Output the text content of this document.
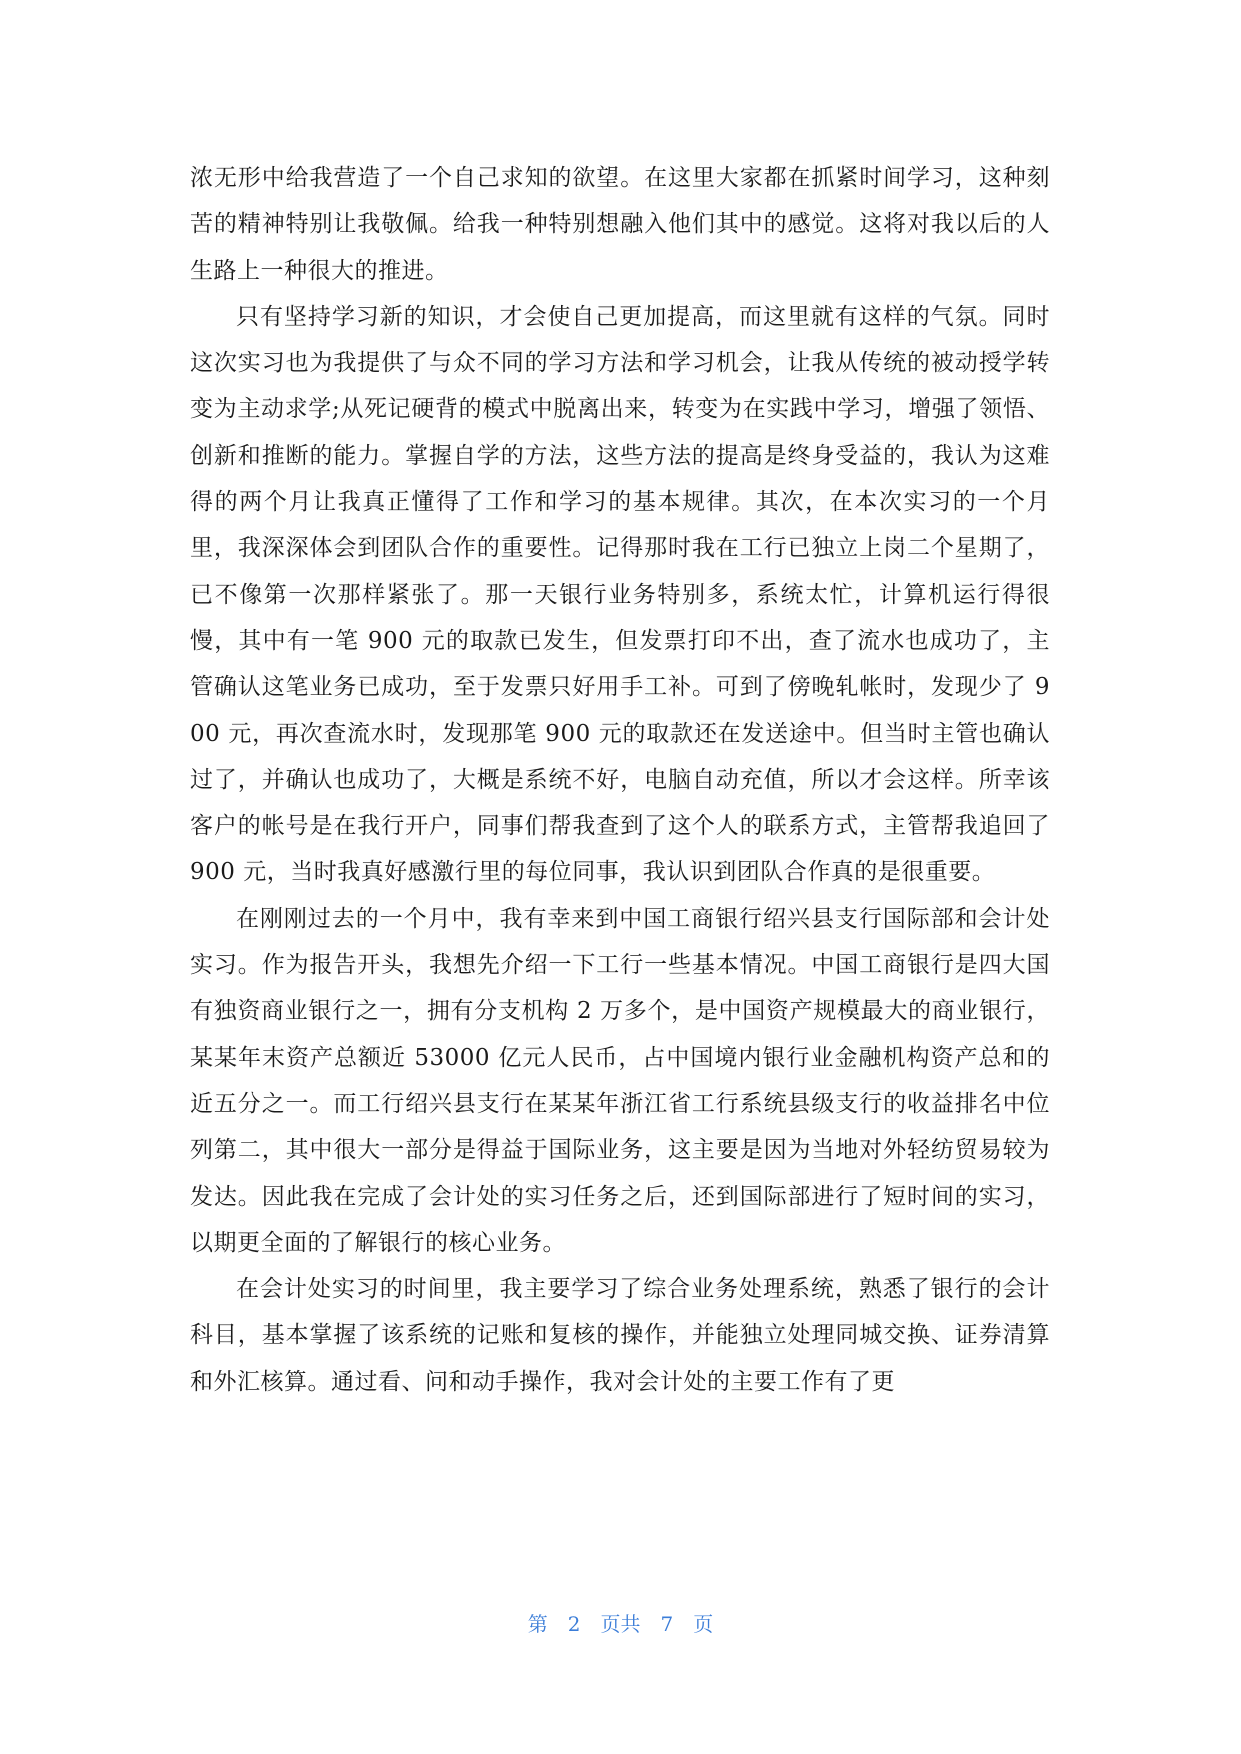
浓无形中给我营造了一个自己求知的欲望。在这里大家都在抓紧时间学习，这种刻苦的精神特别让我敬佩。给我一种特别想融入他们其中的感觉。这将对我以后的人生路上一种很大的推进。

只有坚持学习新的知识，才会使自己更加提高，而这里就有这样的气氛。同时这次实习也为我提供了与众不同的学习方法和学习机会，让我从传统的被动授学转变为主动求学;从死记硬背的模式中脱离出来，转变为在实践中学习，增强了领悟、创新和推断的能力。掌握自学的方法，这些方法的提高是终身受益的，我认为这难得的两个月让我真正懂得了工作和学习的基本规律。其次，在本次实习的一个月里，我深深体会到团队合作的重要性。记得那时我在工行已独立上岗二个星期了，已不像第一次那样紧张了。那一天银行业务特别多，系统太忙，计算机运行得很慢，其中有一笔 900 元的取款已发生，但发票打印不出，查了流水也成功了，主管确认这笔业务已成功，至于发票只好用手工补。可到了傍晚轧帐时，发现少了 900 元，再次查流水时，发现那笔 900 元的取款还在发送途中。但当时主管也确认过了，并确认也成功了，大概是系统不好，电脑自动充值，所以才会这样。所幸该客户的帐号是在我行开户，同事们帮我查到了这个人的联系方式，主管帮我追回了 900 元，当时我真好感激行里的每位同事，我认识到团队合作真的是很重要。

在刚刚过去的一个月中，我有幸来到中国工商银行绍兴县支行国际部和会计处实习。作为报告开头，我想先介绍一下工行一些基本情况。中国工商银行是四大国有独资商业银行之一，拥有分支机构 2 万多个，是中国资产规模最大的商业银行，某某年末资产总额近 53000 亿元人民币，占中国境内银行业金融机构资产总和的近五分之一。而工行绍兴县支行在某某年浙江省工行系统县级支行的收益排名中位列第二，其中很大一部分是得益于国际业务，这主要是因为当地对外轻纺贸易较为发达。因此我在完成了会计处的实习任务之后，还到国际部进行了短时间的实习，以期更全面的了解银行的核心业务。

在会计处实习的时间里，我主要学习了综合业务处理系统，熟悉了银行的会计科目，基本掌握了该系统的记账和复核的操作，并能独立处理同城交换、证券清算和外汇核算。通过看、问和动手操作，我对会计处的主要工作有了更

第 2 页共 7 页
